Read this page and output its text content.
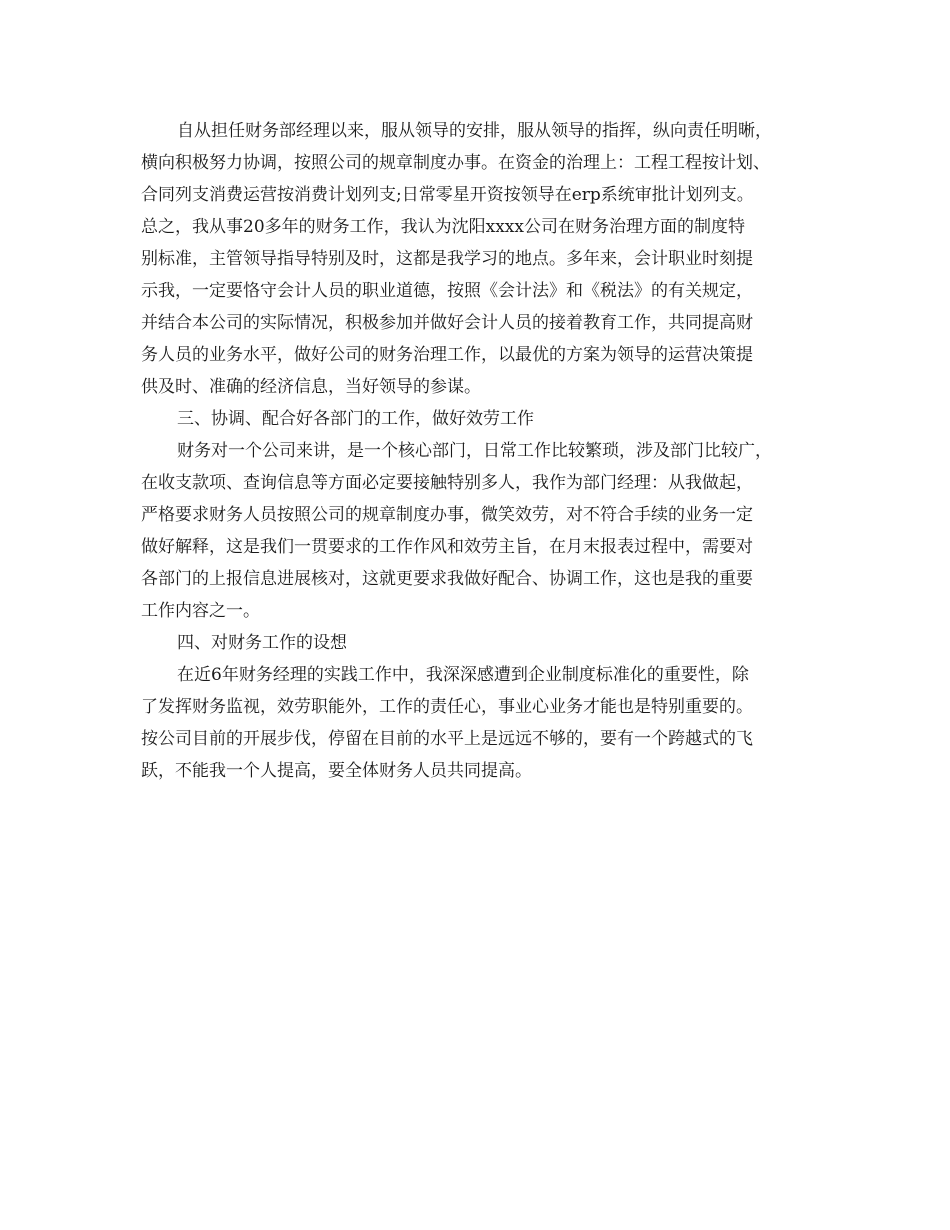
自从担任财务部经理以来，服从领导的安排，服从领导的指挥，纵向责任明晰，
横向积极努力协调，按照公司的规章制度办事。在资金的治理上：工程工程按计划、
合同列支消费运营按消费计划列支;日常零星开资按领导在erp系统审批计划列支。
总之，我从事20多年的财务工作，我认为沈阳xxxx公司在财务治理方面的制度特
别标准，主管领导指导特别及时，这都是我学习的地点。多年来，会计职业时刻提
示我，一定要恪守会计人员的职业道德，按照《会计法》和《税法》的有关规定，
并结合本公司的实际情况，积极参加并做好会计人员的接着教育工作，共同提高财
务人员的业务水平，做好公司的财务治理工作，以最优的方案为领导的运营决策提
供及时、准确的经济信息，当好领导的参谋。
三、协调、配合好各部门的工作，做好效劳工作
财务对一个公司来讲，是一个核心部门，日常工作比较繁琐，涉及部门比较广，
在收支款项、查询信息等方面必定要接触特别多人，我作为部门经理：从我做起，
严格要求财务人员按照公司的规章制度办事，微笑效劳，对不符合手续的业务一定
做好解释，这是我们一贯要求的工作作风和效劳主旨，在月末报表过程中，需要对
各部门的上报信息进展核对，这就更要求我做好配合、协调工作，这也是我的重要
工作内容之一。
四、对财务工作的设想
在近6年财务经理的实践工作中，我深深感遭到企业制度标准化的重要性，除
了发挥财务监视，效劳职能外，工作的责任心，事业心业务才能也是特别重要的。
按公司目前的开展步伐，停留在目前的水平上是远远不够的，要有一个跨越式的飞
跃，不能我一个人提高，要全体财务人员共同提高。
